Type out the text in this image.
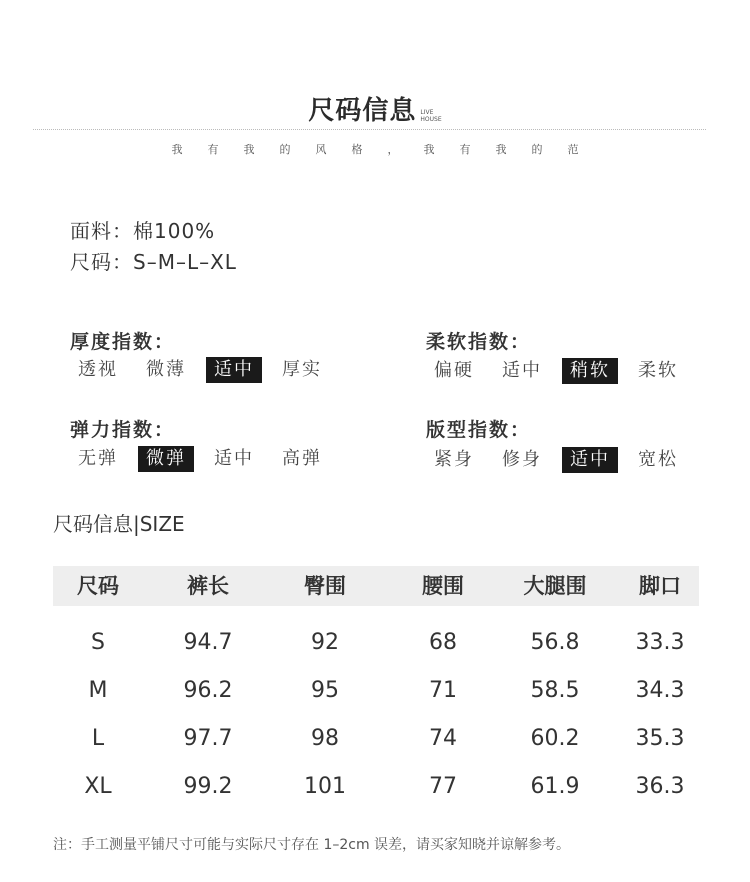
尺码信息 LIVE
HOUSE
我 有 我 的 风 格 ， 我 有 我 的 范
面料：棉100%
尺码：S–M–L–XL
厚度指数：
透视	微薄	适中	厚实
柔软指数：
偏硬	适中	稍软	柔软
弹力指数：
无弹	微弹	适中	高弹
版型指数：
紧身	修身	适中	宽松
尺码信息|SIZE
尺码	裤长	臀围	腰围	大腿围	脚口
S	94.7	92	68	56.8	33.3
M	96.2	95	71	58.5	34.3
L	97.7	98	74	60.2	35.3
XL	99.2	101	77	61.9	36.3
注：手工测量平铺尺寸可能与实际尺寸存在 1–2cm 误差，请买家知晓并谅解参考。
